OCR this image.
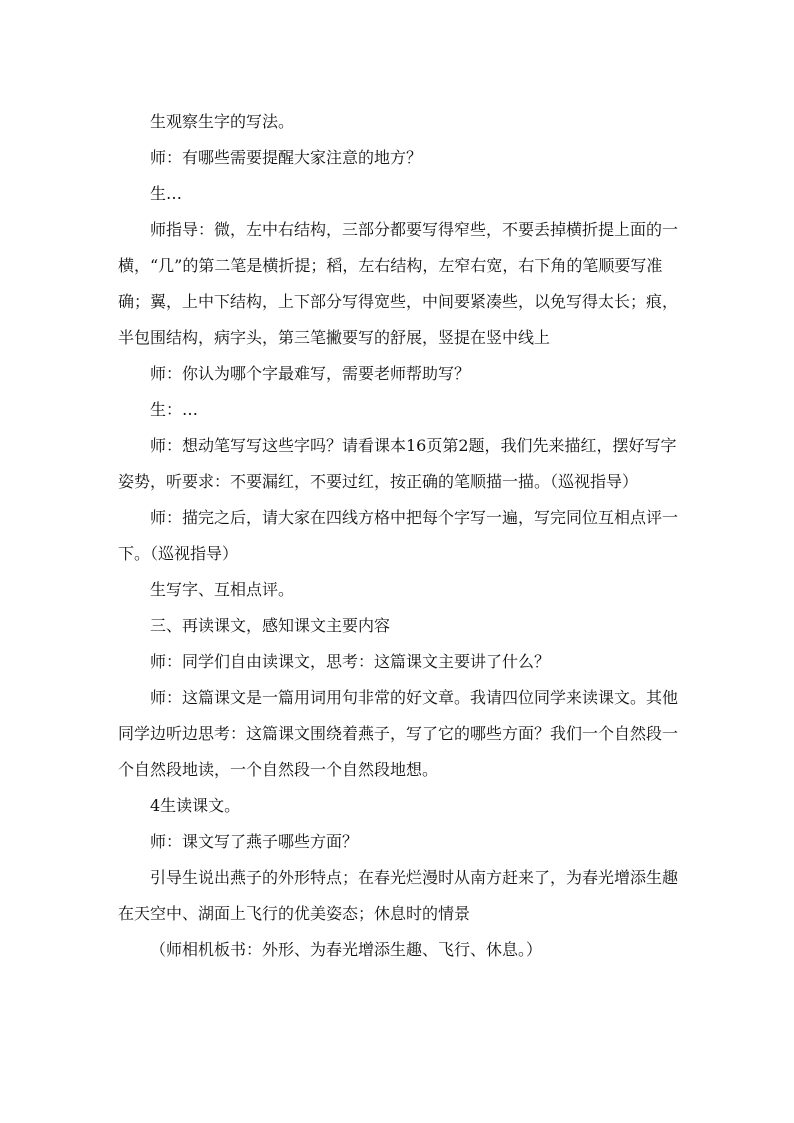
生观察生字的写法。

师：有哪些需要提醒大家注意的地方？

生…

师指导：微，左中右结构，三部分都要写得窄些，不要丢掉横折提上面的一横，“几”的第二笔是横折提；稻，左右结构，左窄右宽，右下角的笔顺要写准确；翼，上中下结构，上下部分写得宽些，中间要紧凑些，以免写得太长；痕，半包围结构，病字头，第三笔撇要写的舒展，竖提在竖中线上

师：你认为哪个字最难写，需要老师帮助写？

生：…

师：想动笔写写这些字吗？请看课本16页第2题，我们先来描红，摆好写字姿势，听要求：不要漏红，不要过红，按正确的笔顺描一描。（巡视指导）

师：描完之后，请大家在四线方格中把每个字写一遍，写完同位互相点评一下。（巡视指导）

生写字、互相点评。

三、再读课文，感知课文主要内容

师：同学们自由读课文，思考：这篇课文主要讲了什么？

师：这篇课文是一篇用词用句非常的好文章。我请四位同学来读课文。其他同学边听边思考：这篇课文围绕着燕子，写了它的哪些方面？我们一个自然段一个自然段地读，一个自然段一个自然段地想。

4生读课文。

师：课文写了燕子哪些方面？

引导生说出燕子的外形特点；在春光烂漫时从南方赶来了，为春光增添生趣在天空中、湖面上飞行的优美姿态；休息时的情景

（师相机板书：外形、为春光增添生趣、飞行、休息。）
